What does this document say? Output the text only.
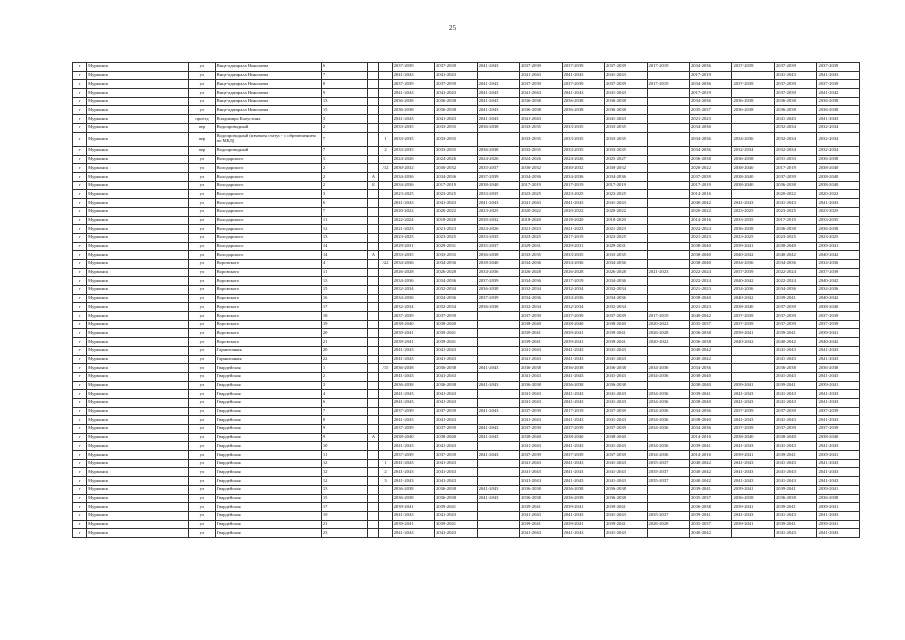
25
г	Мурманск	ул	Вице-адмирала Николаева	6			2037-2039	2037-2039	2041-2043	2037-2039	2037-2039	2037-2039	2017-2019	2034-2036	2037-2039	2037-2039	2037-2039
г	Мурманск	ул	Вице-адмирала Николаева	7			2041-2043	2041-2043		2041-2043	2041-2043	2041-2043		2017-2019		2041-2043	2041-2043
г	Мурманск	ул	Вице-адмирала Николаева	8			2037-2039	2037-2039	2041-2043	2037-2039	2037-2039	2037-2039	2017-2019	2034-2036	2037-2039	2037-2039	2037-2039
г	Мурманск	ул	Вице-адмирала Николаева	9			2041-2043	2041-2043	2041-2043	2041-2043	2041-2043	2041-2043		2017-2019		2037-2039	2041-2042
г	Мурманск	ул	Вице-адмирала Николаева	13			2036-2038	2036-2038	2041-2043	2036-2038	2036-2038	2036-2038		2034-2036	2036-2038	2036-2038	2036-2038
г	Мурманск	ул	Вице-адмирала Николаева	15			2036-2038	2036-2038	2041-2043	2036-2038	2036-2038	2036-2038		2035-2037	2036-2038	2036-2038	2036-2038
г	Мурманск	проезд	Владимира Капустина	3			2041-2043	2041-2043	2041-2043	2041-2043		2041-2043		2021-2023		2041-2043	2041-2043
г	Мурманск	пер	Водопроводный	2			2033-2035	2033-2035	2036-2038	2033-2035	2033-2035	2033-2035		2034-2036		2032-2034	2032-2034
г	Мурманск	пер	Водопроводный (изменен статус - с обременением по МКД)	7		1	2033-2035	2033-2035		2033-2035	2033-2035	2033-2035		2034-2036	2034-2036	2032-2034	2032-2034
г	Мурманск	пер	Водопроводный	7		2	2033-2035	2033-2035	2036-2038	2033-2035	2033-2035	2033-2035		2034-2036	2032-2034	2032-2034	2032-2034
г	Мурманск	ул	Володарского	1			2024-2026	2024-2026	2024-2026	2024-2026	2024-2026	2025-2027		2036-2038	2036-2038	2031-2033	2036-2038
г	Мурманск	ул	Володарского	2		/12	2030-2032	2030-2032	2035-2037	2030-2032	2030-2032	2030-2032		2020-2022	2038-2040	2017-2019	2038-2040
г	Мурманск	ул	Володарского	2	А		2034-2036	2034-2036	2037-2039	2034-2036	2034-2036	2034-2036		2037-2039	2038-2040	2037-2039	2038-2040
г	Мурманск	ул	Володарского	2	Б		2034-2036	2017-2019	2038-2040	2017-2019	2017-2019	2017-2019		2017-2019	2038-2040	2036-2038	2038-2040
г	Мурманск	ул	Володарского	3			2023-2025	2023-2025	2033-2035	2023-2025	2023-2025	2023-2025		2014-2016		2020-2022	2020-2022
г	Мурманск	ул	Володарского	6			2041-2043	2041-2043	2041-2043	2041-2043	2041-2043	2041-2043		2040-2042	2041-2043	2041-2043	2041-2043
г	Мурманск	ул	Володарского	7			2020-2022	2020-2022	2023-2025	2020-2022	2020-2022	2020-2022		2020-2022	2023-2025	2023-2025	2023-2025
г	Мурманск	ул	Володарского	11			2022-2024	2018-2020	2030-2032	2018-2020	2018-2020	2018-2020		2014-2016	2033-2035	2017-2019	2033-2035
г	Мурманск	ул	Володарского	12			2021-2023	2021-2023	2024-2026	2021-2023	2021-2023	2021-2023		2022-2024	2036-2038	2036-2038	2036-2038
г	Мурманск	ул	Володарского	13			2023-2025	2023-2025	2033-2035	2023-2025	2017-2019	2023-2025		2021-2023	2023-2025	2023-2025	2023-2025
г	Мурманск	ул	Володарского	14			2029-2031	2029-2031	2035-2037	2029-2031	2029-2031	2029-2031		2038-2040	2039-2041	2038-2040	2039-2041
г	Мурманск	ул	Володарского	14	А		2033-2035	2033-2035	2036-2038	2033-2035	2033-2035	2033-2035		2038-2040	2040-2042	2040-2042	2040-2042
г	Мурманск	ул	Воровского	4		/22	2034-2036	2034-2036	2038-2040	2034-2036	2034-2036	2034-2036		2038-2040	2034-2036	2034-2036	2034-2036
г	Мурманск	ул	Воровского	11			2026-2028	2026-2028	2034-2036	2026-2028	2026-2028	2026-2028	2021-2023	2022-2024	2037-2039	2022-2024	2037-2039
г	Мурманск	ул	Воровского	13			2034-2036	2034-2036	2037-2039	2034-2036	2017-2019	2034-2036		2022-2024	2040-2042	2022-2024	2040-2042
г	Мурманск	ул	Воровского	15			2032-2034	2032-2034	2036-2038	2032-2034	2032-2034	2032-2034		2021-2023	2034-2036	2034-2036	2034-2036
г	Мурманск	ул	Воровского	16			2034-2036	2034-2036	2037-2039	2034-2036	2034-2036	2034-2036		2038-2040	2040-2042	2039-2041	2040-2042
г	Мурманск	ул	Воровского	17			2032-2034	2032-2034	2036-2038	2032-2034	2032-2034	2032-2034		2021-2023	2038-2040	2037-2039	2038-2040
г	Мурманск	ул	Воровского	18			2037-2039	2037-2039		2037-2039	2037-2039	2037-2039	2017-2019	2040-2042	2037-2039	2037-2039	2037-2039
г	Мурманск	ул	Воровского	19			2038-2040	2038-2040		2038-2040	2038-2040	2038-2040	2020-2022	2035-2037	2037-2039	2037-2039	2037-2039
г	Мурманск	ул	Воровского	20			2039-2041	2039-2041		2039-2041	2039-2041	2039-2041	2026-2028	2036-2038	2039-2041	2039-2041	2039-2041
г	Мурманск	ул	Воровского	21			2039-2041	2039-2041		2039-2041	2039-2041	2039-2041	2020-2022	2036-2038	2040-2042	2040-2042	2040-2042
г	Мурманск	ул	Гарнизонная	20			2041-2043	2041-2043		2041-2043	2041-2043	2041-2043		2040-2042		2041-2043	2041-2043
г	Мурманск	ул	Гарнизонная	22			2041-2043	2041-2043		2041-2043	2041-2043	2041-2043		2040-2042		2041-2043	2041-2043
г	Мурманск	ул	Гвардейская	1		/15	2036-2038	2036-2038	2041-2043	2036-2038	2036-2038	2036-2038	2034-2036	2034-2036		2036-2038	2036-2038
г	Мурманск	ул	Гвардейская	2			2041-2043	2041-2043		2041-2043	2041-2043	2041-2043	2034-2036	2038-2040		2041-2043	2041-2043
г	Мурманск	ул	Гвардейская	3			2036-2038	2036-2038	2041-2043	2036-2038	2036-2038	2036-2038		2038-2040	2039-2041	2039-2041	2039-2041
г	Мурманск	ул	Гвардейская	4			2041-2043	2041-2043		2041-2043	2041-2043	2041-2043	2034-2036	2039-2041	2041-2043	2041-2043	2041-2043
г	Мурманск	ул	Гвардейская	6			2041-2043	2041-2043		2041-2043	2041-2043	2041-2043	2034-2036	2038-2040	2041-2043	2041-2043	2041-2043
г	Мурманск	ул	Гвардейская	7			2037-2039	2037-2039	2041-2043	2037-2039	2017-2019	2037-2039	2034-2036	2034-2036	2037-2039	2037-2039	2037-2039
г	Мурманск	ул	Гвардейская	8			2041-2043	2041-2043		2041-2043	2041-2043	2041-2043	2034-2036	2038-2040	2041-2043	2041-2043	2041-2043
г	Мурманск	ул	Гвардейская	9			2037-2039	2037-2039	2041-2043	2037-2039	2037-2039	2037-2039	2034-2036	2034-2036	2037-2039	2037-2039	2037-2039
г	Мурманск	ул	Гвардейская	9	А		2038-2040	2038-2040	2041-2043	2038-2040	2038-2040	2038-2040		2014-2016	2038-2040	2038-2040	2038-2040
г	Мурманск	ул	Гвардейская	10			2041-2043	2041-2043		2041-2043	2041-2043	2041-2043	2034-2036	2039-2041	2041-2043	2041-2043	2041-2043
г	Мурманск	ул	Гвардейская	11			2037-2039	2037-2039	2041-2043	2037-2039	2037-2039	2037-2039	2034-2036	2014-2016	2039-2041	2039-2041	2039-2041
г	Мурманск	ул	Гвардейская	12		1	2041-2043	2041-2043		2041-2043	2041-2043	2041-2043	2035-2037	2040-2042	2041-2043	2041-2043	2041-2043
г	Мурманск	ул	Гвардейская	12		2	2041-2043	2041-2043		2041-2043	2041-2043	2041-2043	2035-2037	2040-2042	2041-2043	2041-2043	2041-2043
г	Мурманск	ул	Гвардейская	12		3	2041-2043	2041-2043		2041-2043	2041-2043	2041-2043	2035-2037	2040-2042	2041-2043	2041-2043	2041-2043
г	Мурманск	ул	Гвардейская	13			2036-2038	2036-2038	2041-2043	2036-2038	2036-2038	2036-2038		2039-2041	2039-2041	2039-2041	2039-2041
г	Мурманск	ул	Гвардейская	15			2036-2038	2036-2038	2041-2043	2036-2038	2036-2038	2036-2038		2035-2037	2036-2038	2036-2038	2036-2038
г	Мурманск	ул	Гвардейская	17			2039-2041	2039-2041		2039-2041	2039-2041	2039-2041		2036-2038	2039-2041	2039-2041	2039-2041
г	Мурманск	ул	Гвардейская	19			2041-2043	2041-2043		2041-2043	2041-2043	2041-2043	2035-2037	2039-2041	2041-2043	2041-2043	2041-2043
г	Мурманск	ул	Гвардейская	21			2039-2041	2039-2041		2039-2041	2039-2041	2039-2041	2026-2028	2035-2037	2039-2041	2039-2041	2039-2041
г	Мурманск	ул	Гвардейская	23			2041-2043	2041-2043		2041-2043	2041-2043	2041-2043		2040-2042		2041-2043	2041-2043
